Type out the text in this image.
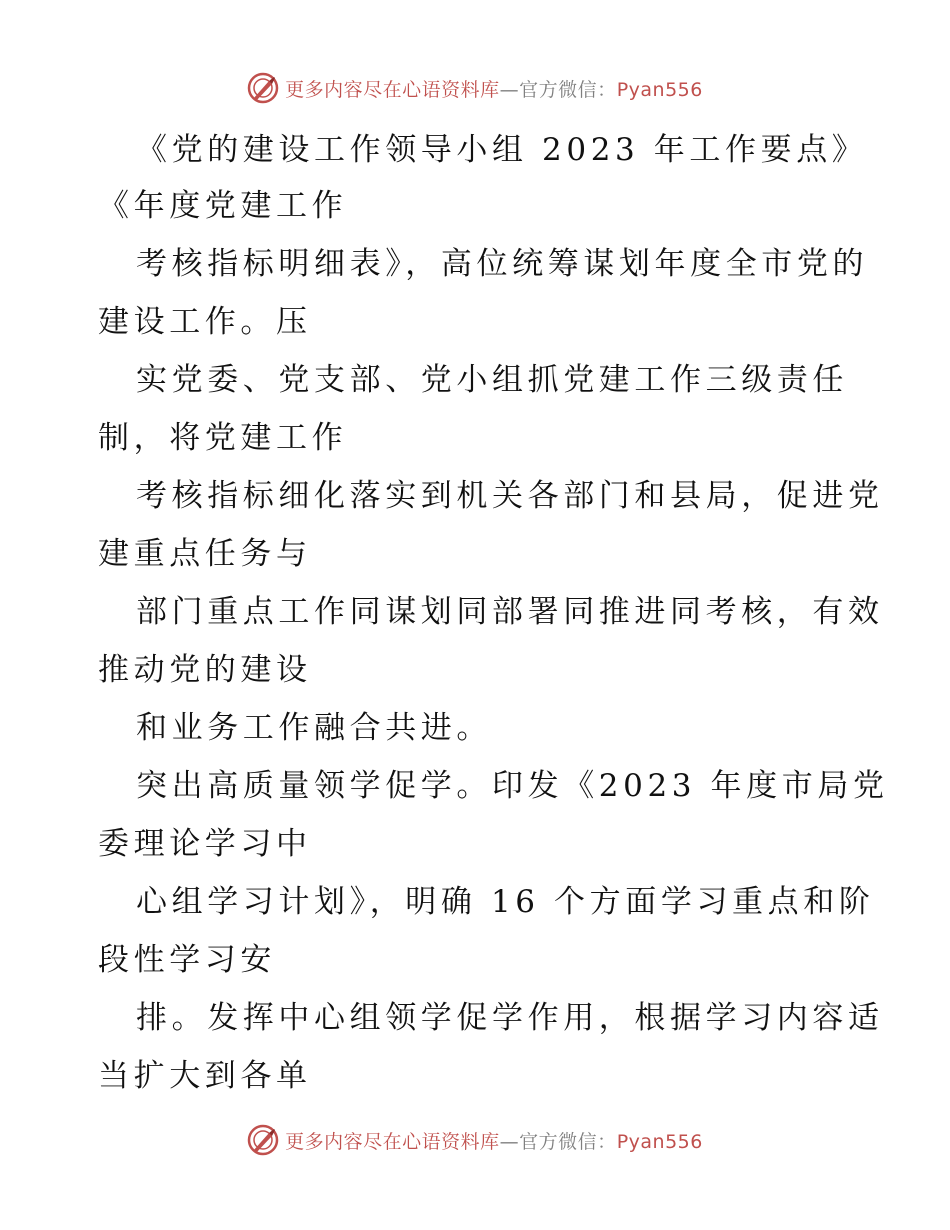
更多内容尽在心语资料库—官方微信：Pyan556
《党的建设工作领导小组 2023 年工作要点》
《年度党建工作
考核指标明细表》，高位统筹谋划年度全市党的
建设工作。压
实党委、党支部、党小组抓党建工作三级责任
制，将党建工作
考核指标细化落实到机关各部门和县局，促进党
建重点任务与
部门重点工作同谋划同部署同推进同考核，有效
推动党的建设
和业务工作融合共进。
突出高质量领学促学。印发《2023 年度市局党
委理论学习中
心组学习计划》，明确 16 个方面学习重点和阶
段性学习安
排。发挥中心组领学促学作用，根据学习内容适
当扩大到各单
更多内容尽在心语资料库—官方微信：Pyan556
